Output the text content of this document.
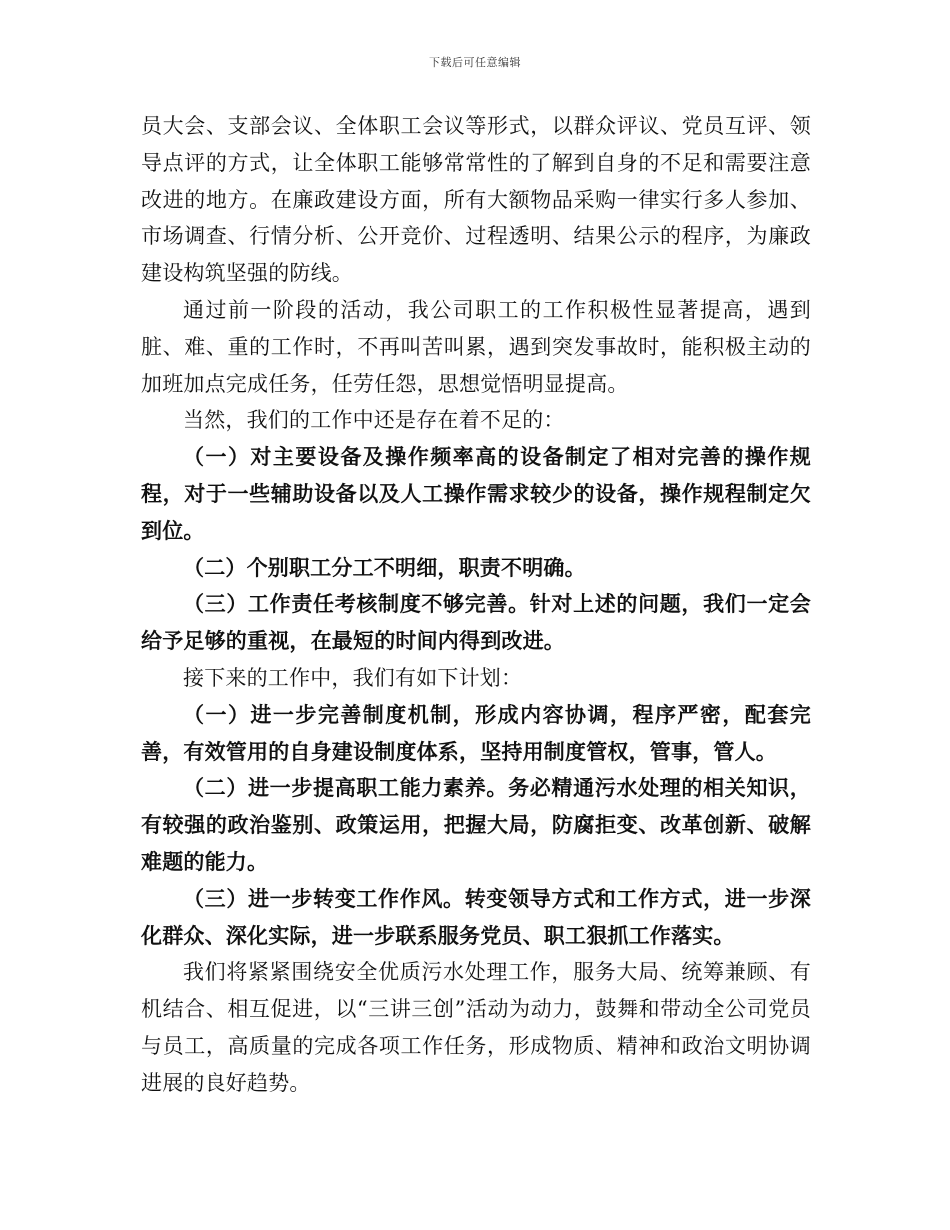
下载后可任意编辑

员大会、支部会议、全体职工会议等形式，以群众评议、党员互评、领导点评的方式，让全体职工能够常常性的了解到自身的不足和需要注意改进的地方。在廉政建设方面，所有大额物品采购一律实行多人参加、市场调查、行情分析、公开竞价、过程透明、结果公示的程序，为廉政建设构筑坚强的防线。

通过前一阶段的活动，我公司职工的工作积极性显著提高，遇到脏、难、重的工作时，不再叫苦叫累，遇到突发事故时，能积极主动的加班加点完成任务，任劳任怨，思想觉悟明显提高。

当然，我们的工作中还是存在着不足的：

（一）对主要设备及操作频率高的设备制定了相对完善的操作规程，对于一些辅助设备以及人工操作需求较少的设备，操作规程制定欠到位。

（二）个别职工分工不明细，职责不明确。

（三）工作责任考核制度不够完善。针对上述的问题，我们一定会给予足够的重视，在最短的时间内得到改进。

接下来的工作中，我们有如下计划：

（一）进一步完善制度机制，形成内容协调，程序严密，配套完善，有效管用的自身建设制度体系，坚持用制度管权，管事，管人。

（二）进一步提高职工能力素养。务必精通污水处理的相关知识，有较强的政治鉴别、政策运用，把握大局，防腐拒变、改革创新、破解难题的能力。

（三）进一步转变工作作风。转变领导方式和工作方式，进一步深化群众、深化实际，进一步联系服务党员、职工狠抓工作落实。

我们将紧紧围绕安全优质污水处理工作，服务大局、统筹兼顾、有机结合、相互促进，以“三讲三创”活动为动力，鼓舞和带动全公司党员与员工，高质量的完成各项工作任务，形成物质、精神和政治文明协调进展的良好趋势。
